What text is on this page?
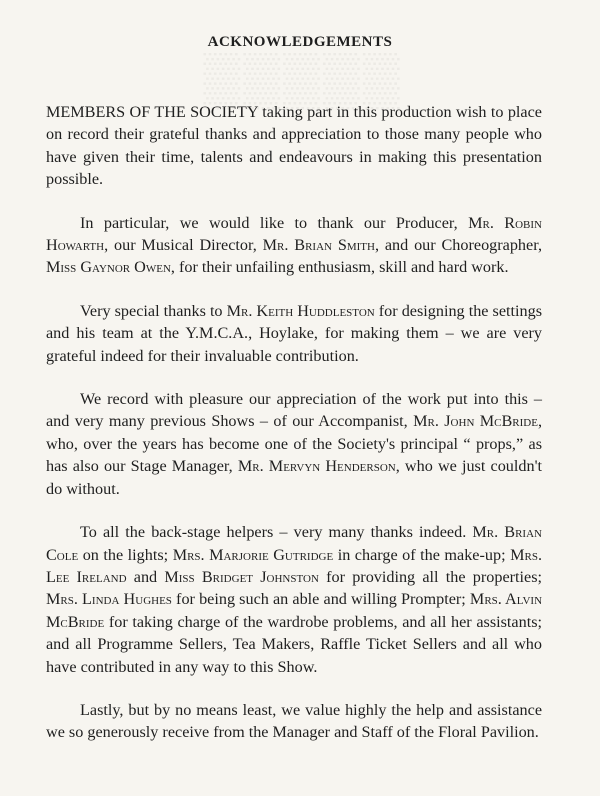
ACKNOWLEDGEMENTS

MEMBERS OF THE SOCIETY taking part in this production wish to place on record their grateful thanks and appreciation to those many people who have given their time, talents and endeavours in making this presentation possible.

In particular, we would like to thank our Producer, Mr. Robin Howarth, our Musical Director, Mr. Brian Smith, and our Choreographer, Miss Gaynor Owen, for their unfailing enthusiasm, skill and hard work.

Very special thanks to Mr. Keith Huddleston for designing the settings and his team at the Y.M.C.A., Hoylake, for making them – we are very grateful indeed for their invaluable contribution.

We record with pleasure our appreciation of the work put into this – and very many previous Shows – of our Accompanist, Mr. John McBride, who, over the years has become one of the Society's principal “ props,” as has also our Stage Manager, Mr. Mervyn Henderson, who we just couldn't do without.

To all the back-stage helpers – very many thanks indeed. Mr. Brian Cole on the lights; Mrs. Marjorie Gutridge in charge of the make-up; Mrs. Lee Ireland and Miss Bridget Johnston for providing all the properties; Mrs. Linda Hughes for being such an able and willing Prompter; Mrs. Alvin McBride for taking charge of the wardrobe problems, and all her assistants; and all Programme Sellers, Tea Makers, Raffle Ticket Sellers and all who have contributed in any way to this Show.

Lastly, but by no means least, we value highly the help and assistance we so generously receive from the Manager and Staff of the Floral Pavilion.
